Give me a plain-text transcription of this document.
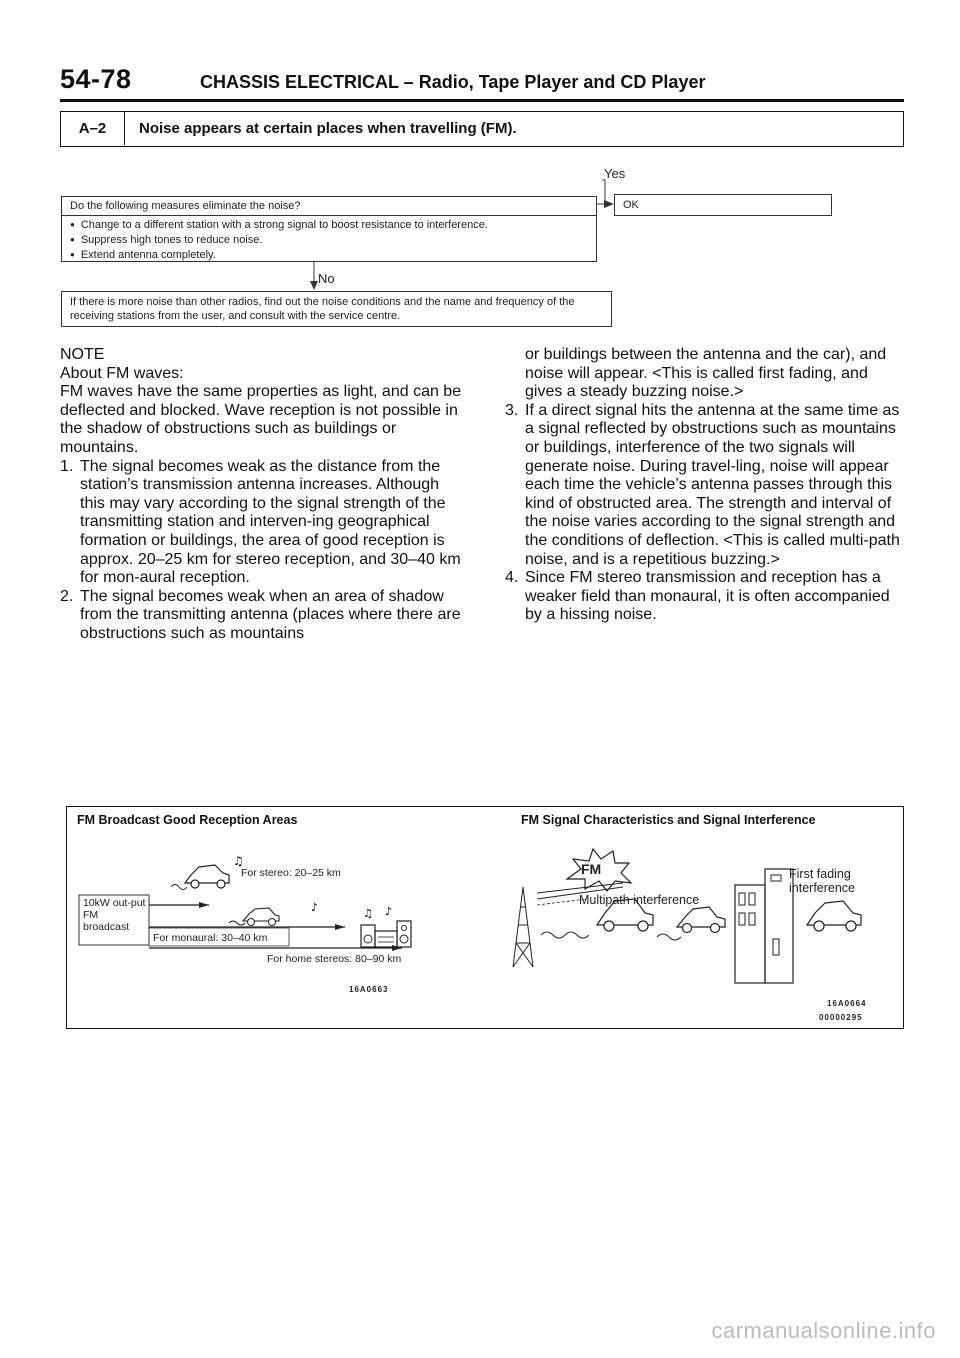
54-78	CHASSIS ELECTRICAL – Radio, Tape Player and CD Player
A–2	Noise appears at certain places when travelling (FM).
Yes
No
Do the following measures eliminate the noise?
● Change to a different station with a strong signal to boost resistance to interference.
● Suppress high tones to reduce noise.
● Extend antenna completely.
OK
If there is more noise than other radios, find out the noise conditions and the name and frequency of the receiving stations from the user, and consult with the service centre.

NOTE

About FM waves:

FM waves have the same properties as light, and can be deflected and blocked. Wave reception is not possible in the shadow of obstructions such as buildings or mountains.

1. The signal becomes weak as the distance from the station’s transmission antenna increases. Although this may vary according to the signal strength of the transmitting station and interven-ing geographical formation or buildings, the area of good reception is approx. 20–25 km for stereo reception, and 30–40 km for mon-aural reception.
2. The signal becomes weak when an area of shadow from the transmitting antenna (places where there are obstructions such as mountains
or buildings between the antenna and the car), and noise will appear. <This is called first fading, and gives a steady buzzing noise.>
3. If a direct signal hits the antenna at the same time as a signal reflected by obstructions such as mountains or buildings, interference of the two signals will generate noise. During travel-ling, noise will appear each time the vehicle’s antenna passes through this kind of obstructed area. The strength and interval of the noise varies according to the signal strength and the conditions of deflection. <This is called multi-path noise, and is a repetitious buzzing.>
4. Since FM stereo transmission and reception has a weaker field than monaural, it is often accompanied by a hissing noise.
♫
♪	♫ ♪
FM Broadcast Good Reception Areas	FM Signal Characteristics and Signal Interference
10kW out-put FM broadcast
For stereo: 20–25 km
For monaural: 30–40 km
For home stereos: 80–90 km
FM
Multipath interference
First fading interference
16A0663
16A0664
00000295
carmanualsonline.info
